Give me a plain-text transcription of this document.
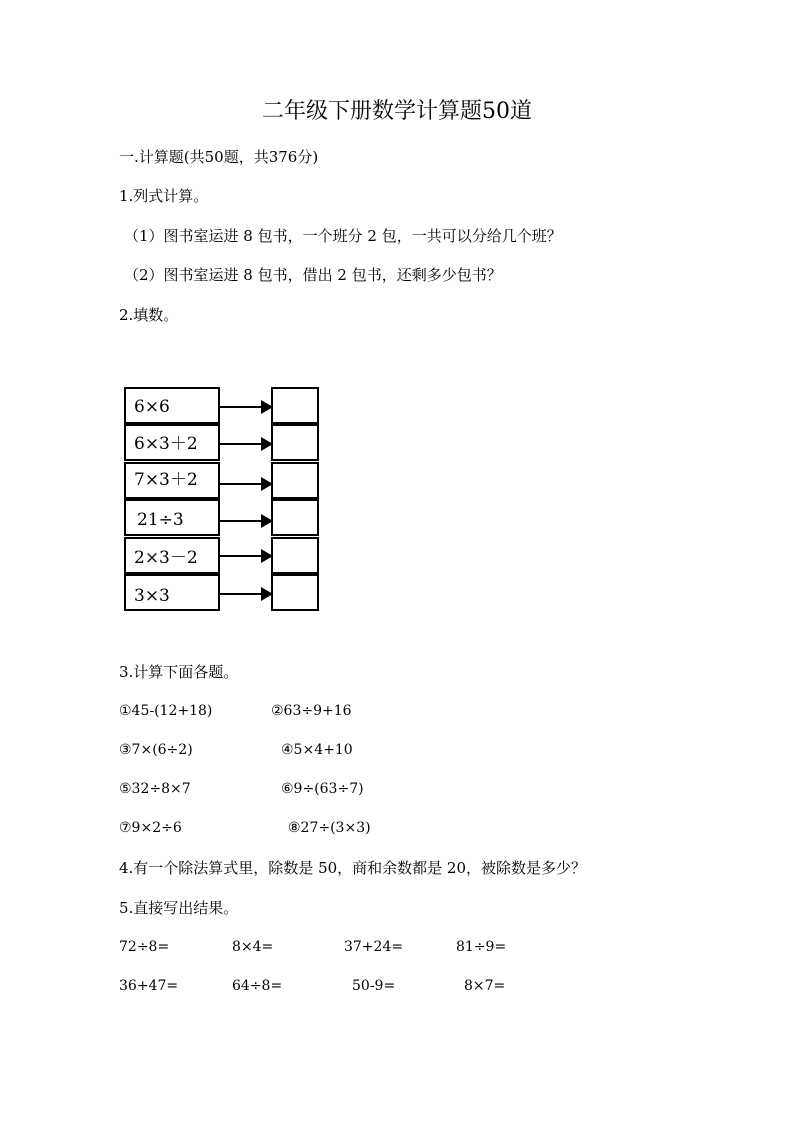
二年级下册数学计算题50道
一.计算题(共50题，共376分)
1.列式计算。
（1）图书室运进 8 包书，一个班分 2 包，一共可以分给几个班？
（2）图书室运进 8 包书，借出 2 包书，还剩多少包书？
2.填数。
6×6
6×3＋2
7×3＋2
21÷3
2×3－2
3×3
3.计算下面各题。
①45-(12+18)	②63÷9+16
③7×(6÷2)	④5×4+10
⑤32÷8×7	⑥9÷(63÷7)
⑦9×2÷6	⑧27÷(3×3)
4.有一个除法算式里，除数是 50，商和余数都是 20，被除数是多少？
5.直接写出结果。
72÷8=	8×4=	37+24=	81÷9=
36+47=	64÷8=	50-9=	8×7=
